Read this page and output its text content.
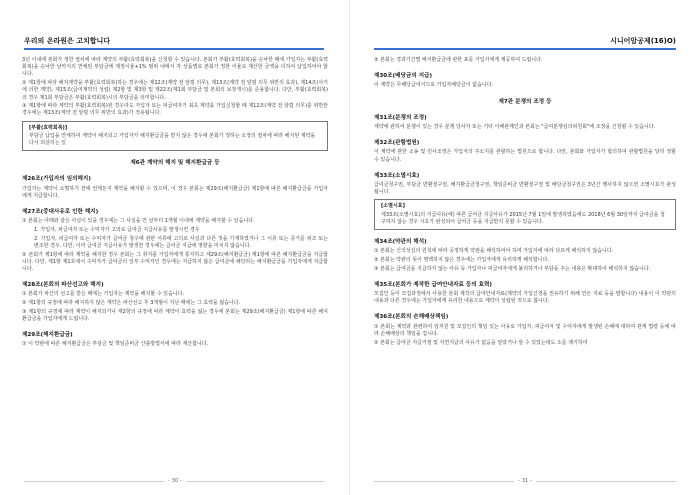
우리의 온라원은 고치합니다
3년 이내에 본회가 정한 절차에 따라 계약의 부활(효력회복)을 신청할 수 있습니다. 본회가 부활(효력회복)을 승낙한 때에 가입자는 부활(효력회복)을 승낙한 날까지의 연체된 부담금에 계정이율+1% 범위 내에서 각 상품별로 본회가 정한 이율로 계산한 금액을 더하여 납입하여야 합니다.
② 제1항에 따라 해지계약을 부활(효력회복)하는 경우에는 제12조(계약 전 알릴 의무), 제13조(계약 전 알릴 의무 위반의 효과), 제14조(사기에 의한 계약), 제15조(급여계약의 성립) 제2항 및 제3항 및 제22조(제1회 부담금 및 본회의 보장개시)를 준용합니다. 다만, 부활(효력회복)의 경우 제1회 부담금은 부활(효력회복)시의 부담금을 의미합니다.
③ 제1항에 따라 계약의 부활(효력회복)된 경우라도 가입자 또는 피급여자가 최초 계약을 가입신청할 때 제12조(계약 전 알릴 의무)를 위반한 경우에는 제13조(계약 전 알릴 의무 위반의 효과)가 적용됩니다.
[부활(효력회복)]
부담금 납입을 연체하여 계약이 해지되고 가입자가 해지환급금을 받지 않은 경우에 본회가 정하는 소정의 절차에 따라 해지된 계약을 다시 되살리는 일
제6관 계약의 해지 및 해지환급금 등
제26조(가입자의 임의해지)
가입자는 계약이 소멸하기 전에 언제든지 계약을 해지할 수 있으며, 이 경우 본회는 제29조(해지환급금) 제1항에 따른 해지환급금을 가입자에게 지급합니다.
제27조(중대사유로 인한 해지)
① 본회는 아래와 같은 사실이 있을 경우에는 그 사실을 안 날부터 1개월 이내에 계약을 해지할 수 있습니다.
1. 가입자, 피급여자 또는 수익자가 고의로 급여금 지급사유를 발생시킨 경우
2. 가입자, 피급여자 또는 수익자가 급여금 청구에 관한 서류에 고의로 사실과 다른 것을 기재하였거나 그 서류 또는 증거를 위조 또는 변조한 경우. 다만, 이미 급여금 지급사유가 발생한 경우에는 급여금 지급에 영향을 미치지 않습니다.
② 본회가 제1항에 따라 계약을 해지한 경우 본회는 그 취지를 가입자에게 통지하고 제29조(해지환급금) 제1항에 따른 해지환급금을 지급합니다. 다만, 제1항 제1호에서 수익자가 급여금의 일부 수익자인 경우에는 지급하지 않은 급여금에 해당하는 해지환급금을 가입자에게 지급합니다.
제28조(본회의 파산선고와 해지)
① 본회가 파산의 선고를 받은 때에는 가입자는 계약을 해지할 수 있습니다.
② 제1항의 규정에 따라 해지하지 않은 계약은 파산선고 후 3개월이 지난 때에는 그 효력을 잃습니다.
③ 제1항의 규정에 따라 계약이 해지되거나 제2항의 규정에 따라 계약이 효력을 잃는 경우에 본회는 제29조(해지환급금) 제1항에 따른 해지환급금을 가입자에게 드립니다.
제29조(해지환급금)
① 이 약관에 따른 해지환급금은 부담금 및 책임준비금 산출방법서에 따라 계산합니다.
- 30 -
시니어암공제(16)O)
② 본회는 경과기간별 해지환급금에 관한 표를 가입자에게 제공하여 드립니다.
제30조(배당금의 지급)
이 계약은 무배당급여이므로 가입자배당금이 없습니다.
제7관 분쟁의 조정 등
제31조(분쟁의 조정)
계약에 관하여 분쟁이 있는 경우 분쟁 당사자 또는 기타 이해관계인과 본회는 "급여분쟁심의위원회"에 조정을 신청할 수 있습니다.
제32조(관할법원)
이 계약에 관한 소송 및 민사조정은 가입자의 주소지를 관할하는 법원으로 합니다. 다만, 본회와 가입자가 합의하여 관할법원을 달리 정할 수 있습니다.
제33조(소멸시효)
급여금청구권, 부담금 반환청구권, 해지환급금청구권, 책임준비금 반환청구권 및 배당금청구권은 3년간 행사하지 않으면 소멸시효가 완성됩니다.
[소멸시효]
제33조(소멸시효)의 지급사유(에) 따른 급여금 지급사유가 2015년 7월 1일에 발생하였음에도 2018년 6월 30일까지 급여금을 청구하지 않는 경우 시효가 완성되어 급여금 등을 지급받지 못할 수 있습니다.
제34조(약관의 해석)
① 본회는 신의성실의 원칙에 따라 공정하게 약관을 해석하여야 하며 가입자에 따라 다르게 해석하지 않습니다.
② 본회는 약관의 뜻이 명백하지 않은 경우에는 가입자에게 유리하게 해석합니다.
③ 본회는 급여금을 지급하지 않는 사유 등 가입자나 피급여자에게 불리하거나 부담을 주는 내용은 확대하여 해석하지 않습니다.
제35조(본회가 제작한 급여안내자료 등의 효력)
모집인 등이 모집과정에서 사용한 본회 제작의 급여안내자료(계약의 가입신청을 권유하기 위해 만든 자료 등을 말합니다) 내용이 이 약관의 내용과 다른 경우에는 가입자에게 유리한 내용으로 계약이 성립된 것으로 봅니다.
제36조(본회의 손해배상책임)
① 본회는 계약과 관련하여 임직원 및 모집인의 책임 있는 사유로 가입자, 피급여자 및 수익자에게 발생된 손해에 대하여 관계 법령 등에 따라 손해배상의 책임을 집니다.
② 본회는 급여금 지급거절 및 지연지급의 사유가 없음을 알았거나 알 수 있었는데도 소를 제기하여
- 31 -
